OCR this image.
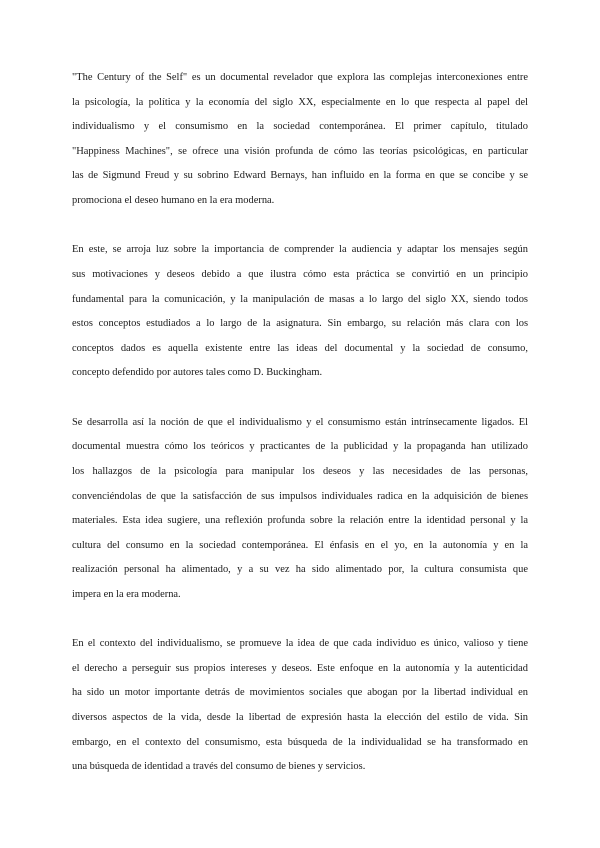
"The Century of the Self" es un documental revelador que explora las complejas interconexiones entre
la psicología, la política y la economía del siglo XX, especialmente en lo que respecta al papel del
individualismo y el consumismo en la sociedad contemporánea. El primer capítulo, titulado
"Happiness Machines", se ofrece una visión profunda de cómo las teorías psicológicas, en particular
las de Sigmund Freud y su sobrino Edward Bernays, han influido en la forma en que se concibe y se
promociona el deseo humano en la era moderna.

En este, se arroja luz sobre la importancia de comprender la audiencia y adaptar los mensajes según
sus motivaciones y deseos debido a que ilustra cómo esta práctica se convirtió en un principio
fundamental para la comunicación, y la manipulación de masas a lo largo del siglo XX, siendo todos
estos conceptos estudiados a lo largo de la asignatura. Sin embargo, su relación más clara con los
conceptos dados es aquella existente entre las ideas del documental y la sociedad de consumo,
concepto defendido por autores tales como D. Buckingham.

Se desarrolla así la noción de que el individualismo y el consumismo están intrínsecamente ligados. El
documental muestra cómo los teóricos y practicantes de la publicidad y la propaganda han utilizado
los hallazgos de la psicología para manipular los deseos y las necesidades de las personas,
convenciéndolas de que la satisfacción de sus impulsos individuales radica en la adquisición de bienes
materiales. Esta idea sugiere, una reflexión profunda sobre la relación entre la identidad personal y la
cultura del consumo en la sociedad contemporánea. El énfasis en el yo, en la autonomía y en la
realización personal ha alimentado, y a su vez ha sido alimentado por, la cultura consumista que
impera en la era moderna.

En el contexto del individualismo, se promueve la idea de que cada individuo es único, valioso y tiene
el derecho a perseguir sus propios intereses y deseos. Este enfoque en la autonomía y la autenticidad
ha sido un motor importante detrás de movimientos sociales que abogan por la libertad individual en
diversos aspectos de la vida, desde la libertad de expresión hasta la elección del estilo de vida. Sin
embargo, en el contexto del consumismo, esta búsqueda de la individualidad se ha transformado en
una búsqueda de identidad a través del consumo de bienes y servicios.
